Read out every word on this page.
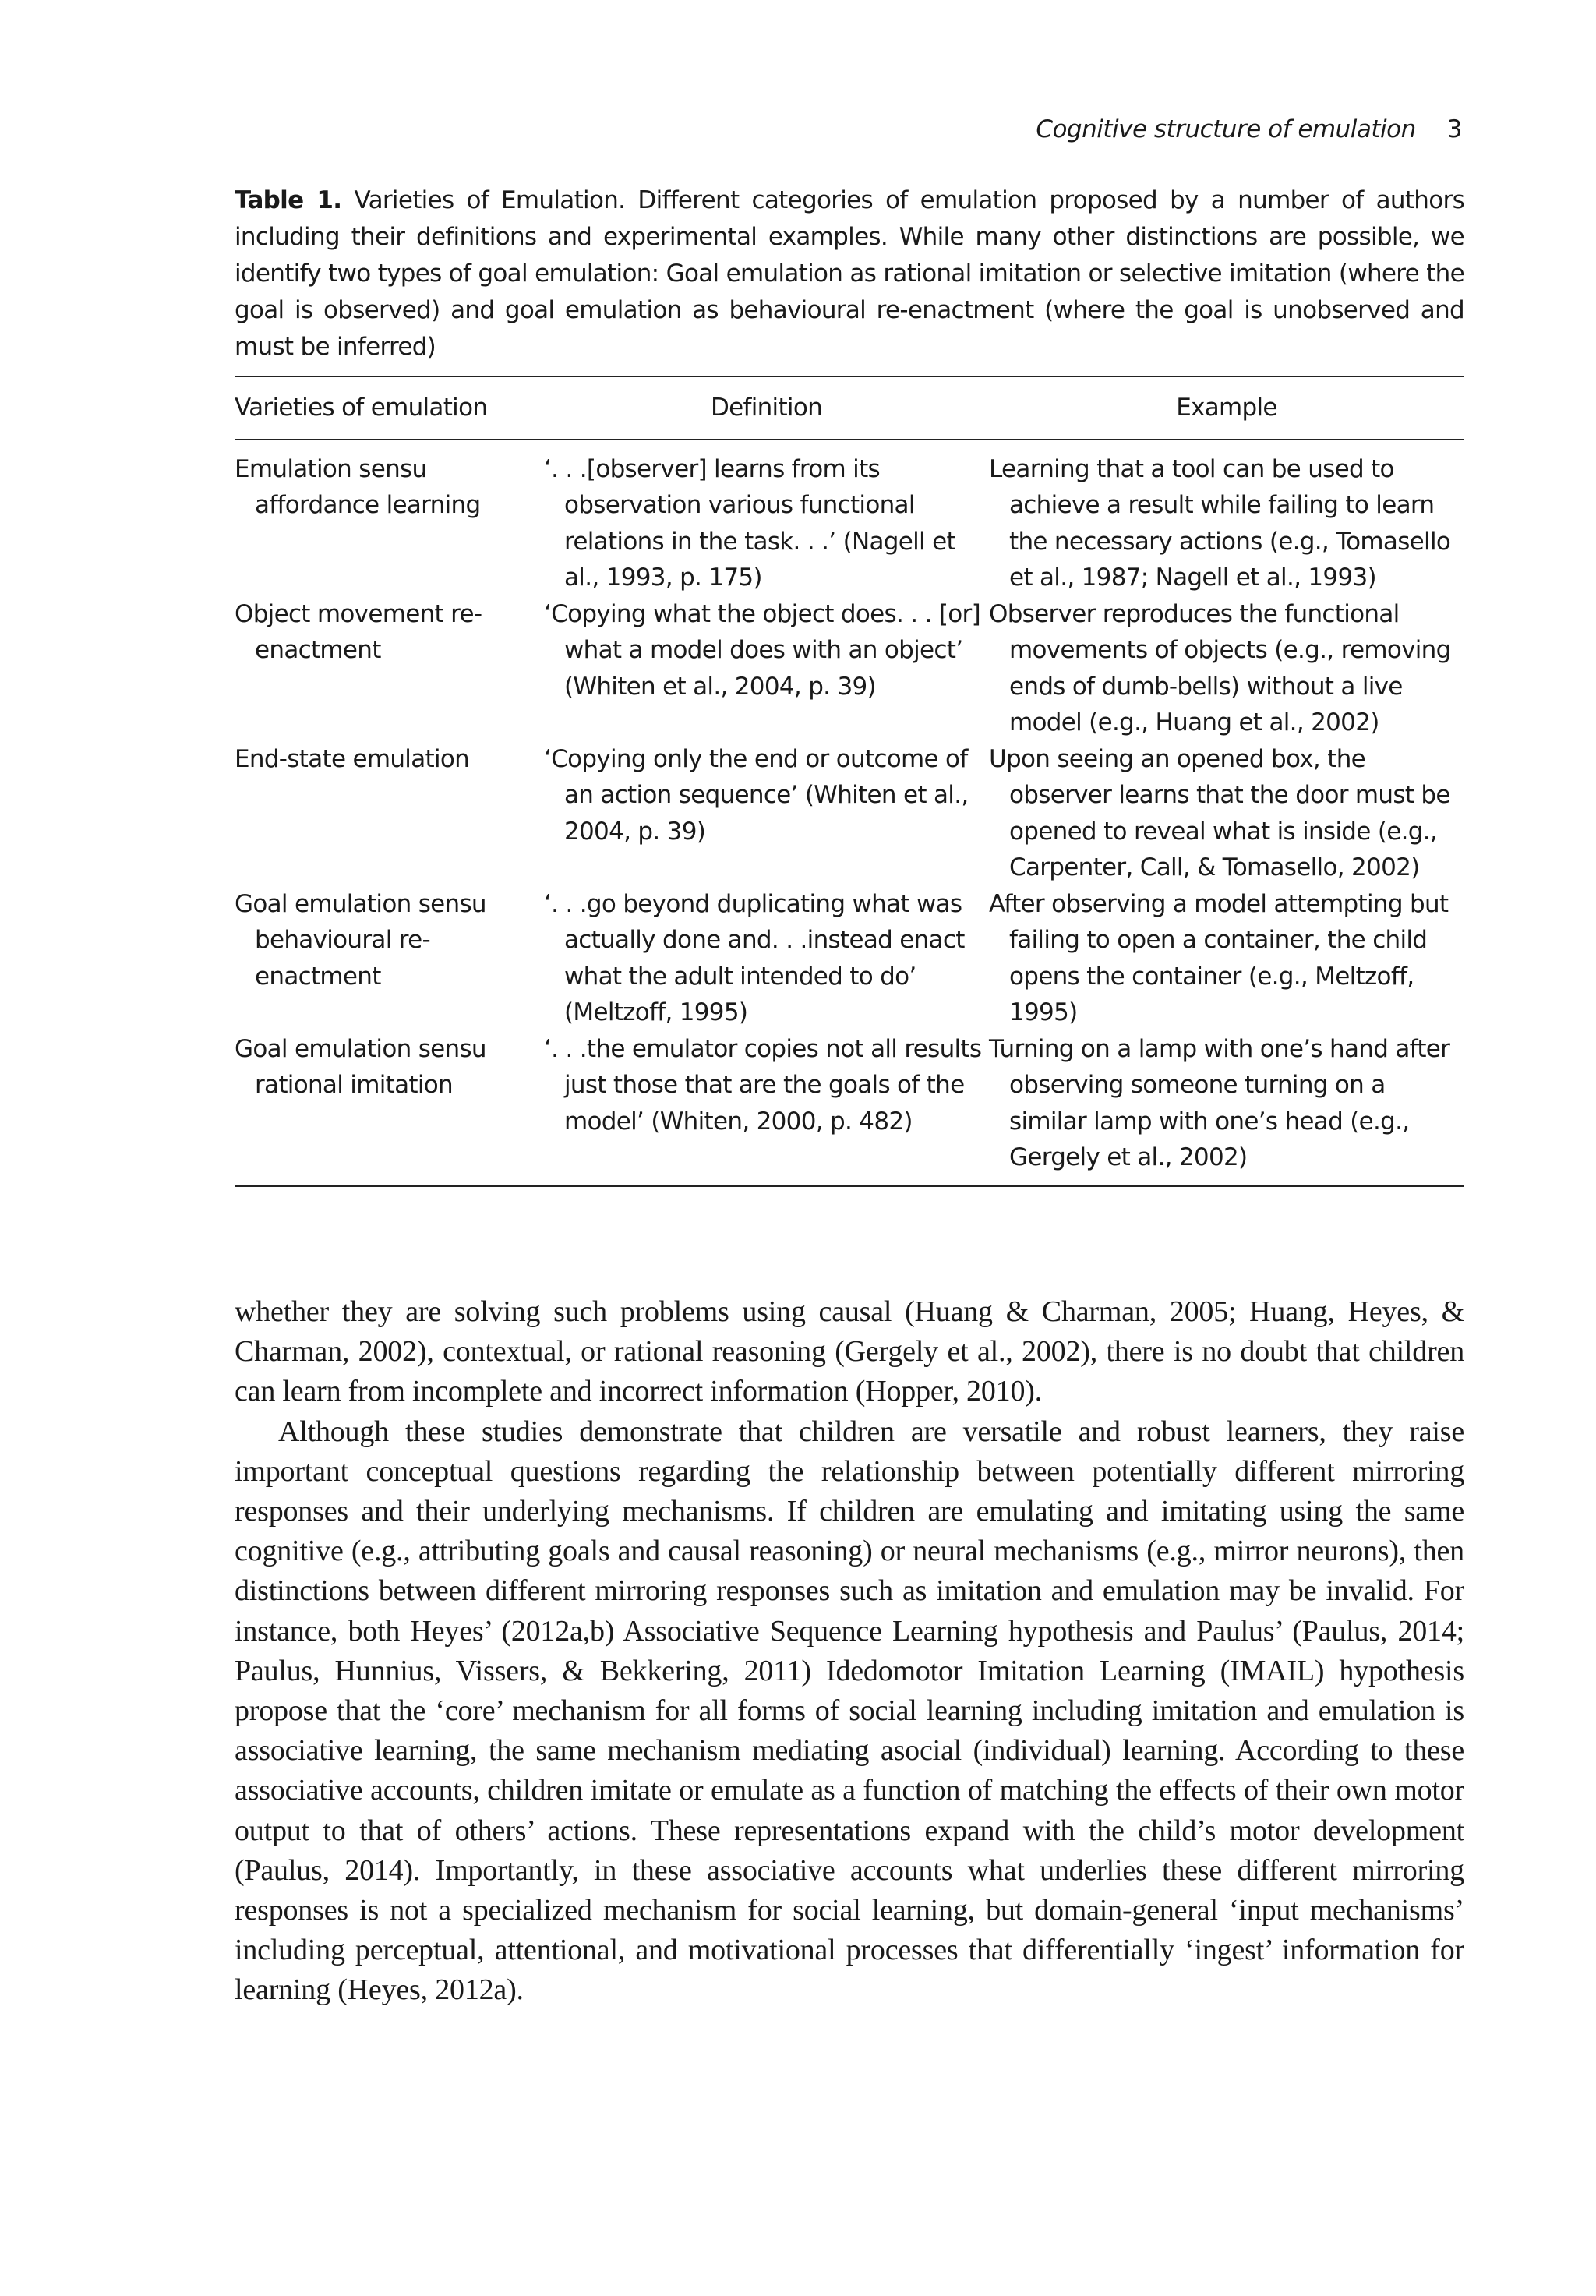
Cognitive structure of emulation 3
Table 1. Varieties of Emulation. Different categories of emulation proposed by a number of authors including their definitions and experimental examples. While many other distinctions are possible, we identify two types of goal emulation: Goal emulation as rational imitation or selective imitation (where the goal is observed) and goal emulation as behavioural re-enactment (where the goal is unobserved and must be inferred)
Varieties of emulation	Definition	Example

Emulation sensu affordance learning	‘. . .[observer] learns from its observation various functional relations in the task. . .’ (Nagell et al., 1993, p. 175)	Learning that a tool can be used to achieve a result while failing to learn the necessary actions (e.g., Tomasello et al., 1987; Nagell et al., 1993)

Object movement re-enactment	‘Copying what the object does. . . [or] what a model does with an object’ (Whiten et al., 2004, p. 39)	Observer reproduces the functional movements of objects (e.g., removing ends of dumb-bells) without a live model (e.g., Huang et al., 2002)

End-state emulation	‘Copying only the end or outcome of an action sequence’ (Whiten et al., 2004, p. 39)	Upon seeing an opened box, the observer learns that the door must be opened to reveal what is inside (e.g., Carpenter, Call, & Tomasello, 2002)

Goal emulation sensu behavioural re-enactment	‘. . .go beyond duplicating what was actually done and. . .instead enact what the adult intended to do’ (Meltzoff, 1995)	After observing a model attempting but failing to open a container, the child opens the container (e.g., Meltzoff, 1995)

Goal emulation sensu rational imitation	‘. . .the emulator copies not all results just those that are the goals of the model’ (Whiten, 2000, p. 482)	Turning on a lamp with one’s hand after observing someone turning on a similar lamp with one’s head (e.g., Gergely et al., 2002)

whether they are solving such problems using causal (Huang & Charman, 2005; Huang, Heyes, & Charman, 2002), contextual, or rational reasoning (Gergely et al., 2002), there is no doubt that children can learn from incomplete and incorrect information (Hopper, 2010).

Although these studies demonstrate that children are versatile and robust learners, they raise important conceptual questions regarding the relationship between potentially different mirroring responses and their underlying mechanisms. If children are emulating and imitating using the same cognitive (e.g., attributing goals and causal reasoning) or neural mechanisms (e.g., mirror neurons), then distinctions between different mirroring responses such as imitation and emulation may be invalid. For instance, both Heyes’ (2012a,b) Associative Sequence Learning hypothesis and Paulus’ (Paulus, 2014; Paulus, Hunnius, Vissers, & Bekkering, 2011) Idedomotor Imitation Learning (IMAIL) hypothesis propose that the ‘core’ mechanism for all forms of social learning including imitation and emulation is associative learning, the same mechanism mediating asocial (individual) learning. According to these associative accounts, children imitate or emulate as a function of matching the effects of their own motor output to that of others’ actions. These representations expand with the child’s motor development (Paulus, 2014). Importantly, in these associative accounts what underlies these different mirroring responses is not a specialized mechanism for social learning, but domain-general ‘input mechanisms’ including perceptual, attentional, and motivational processes that differentially ‘ingest’ information for learning (Heyes, 2012a).
